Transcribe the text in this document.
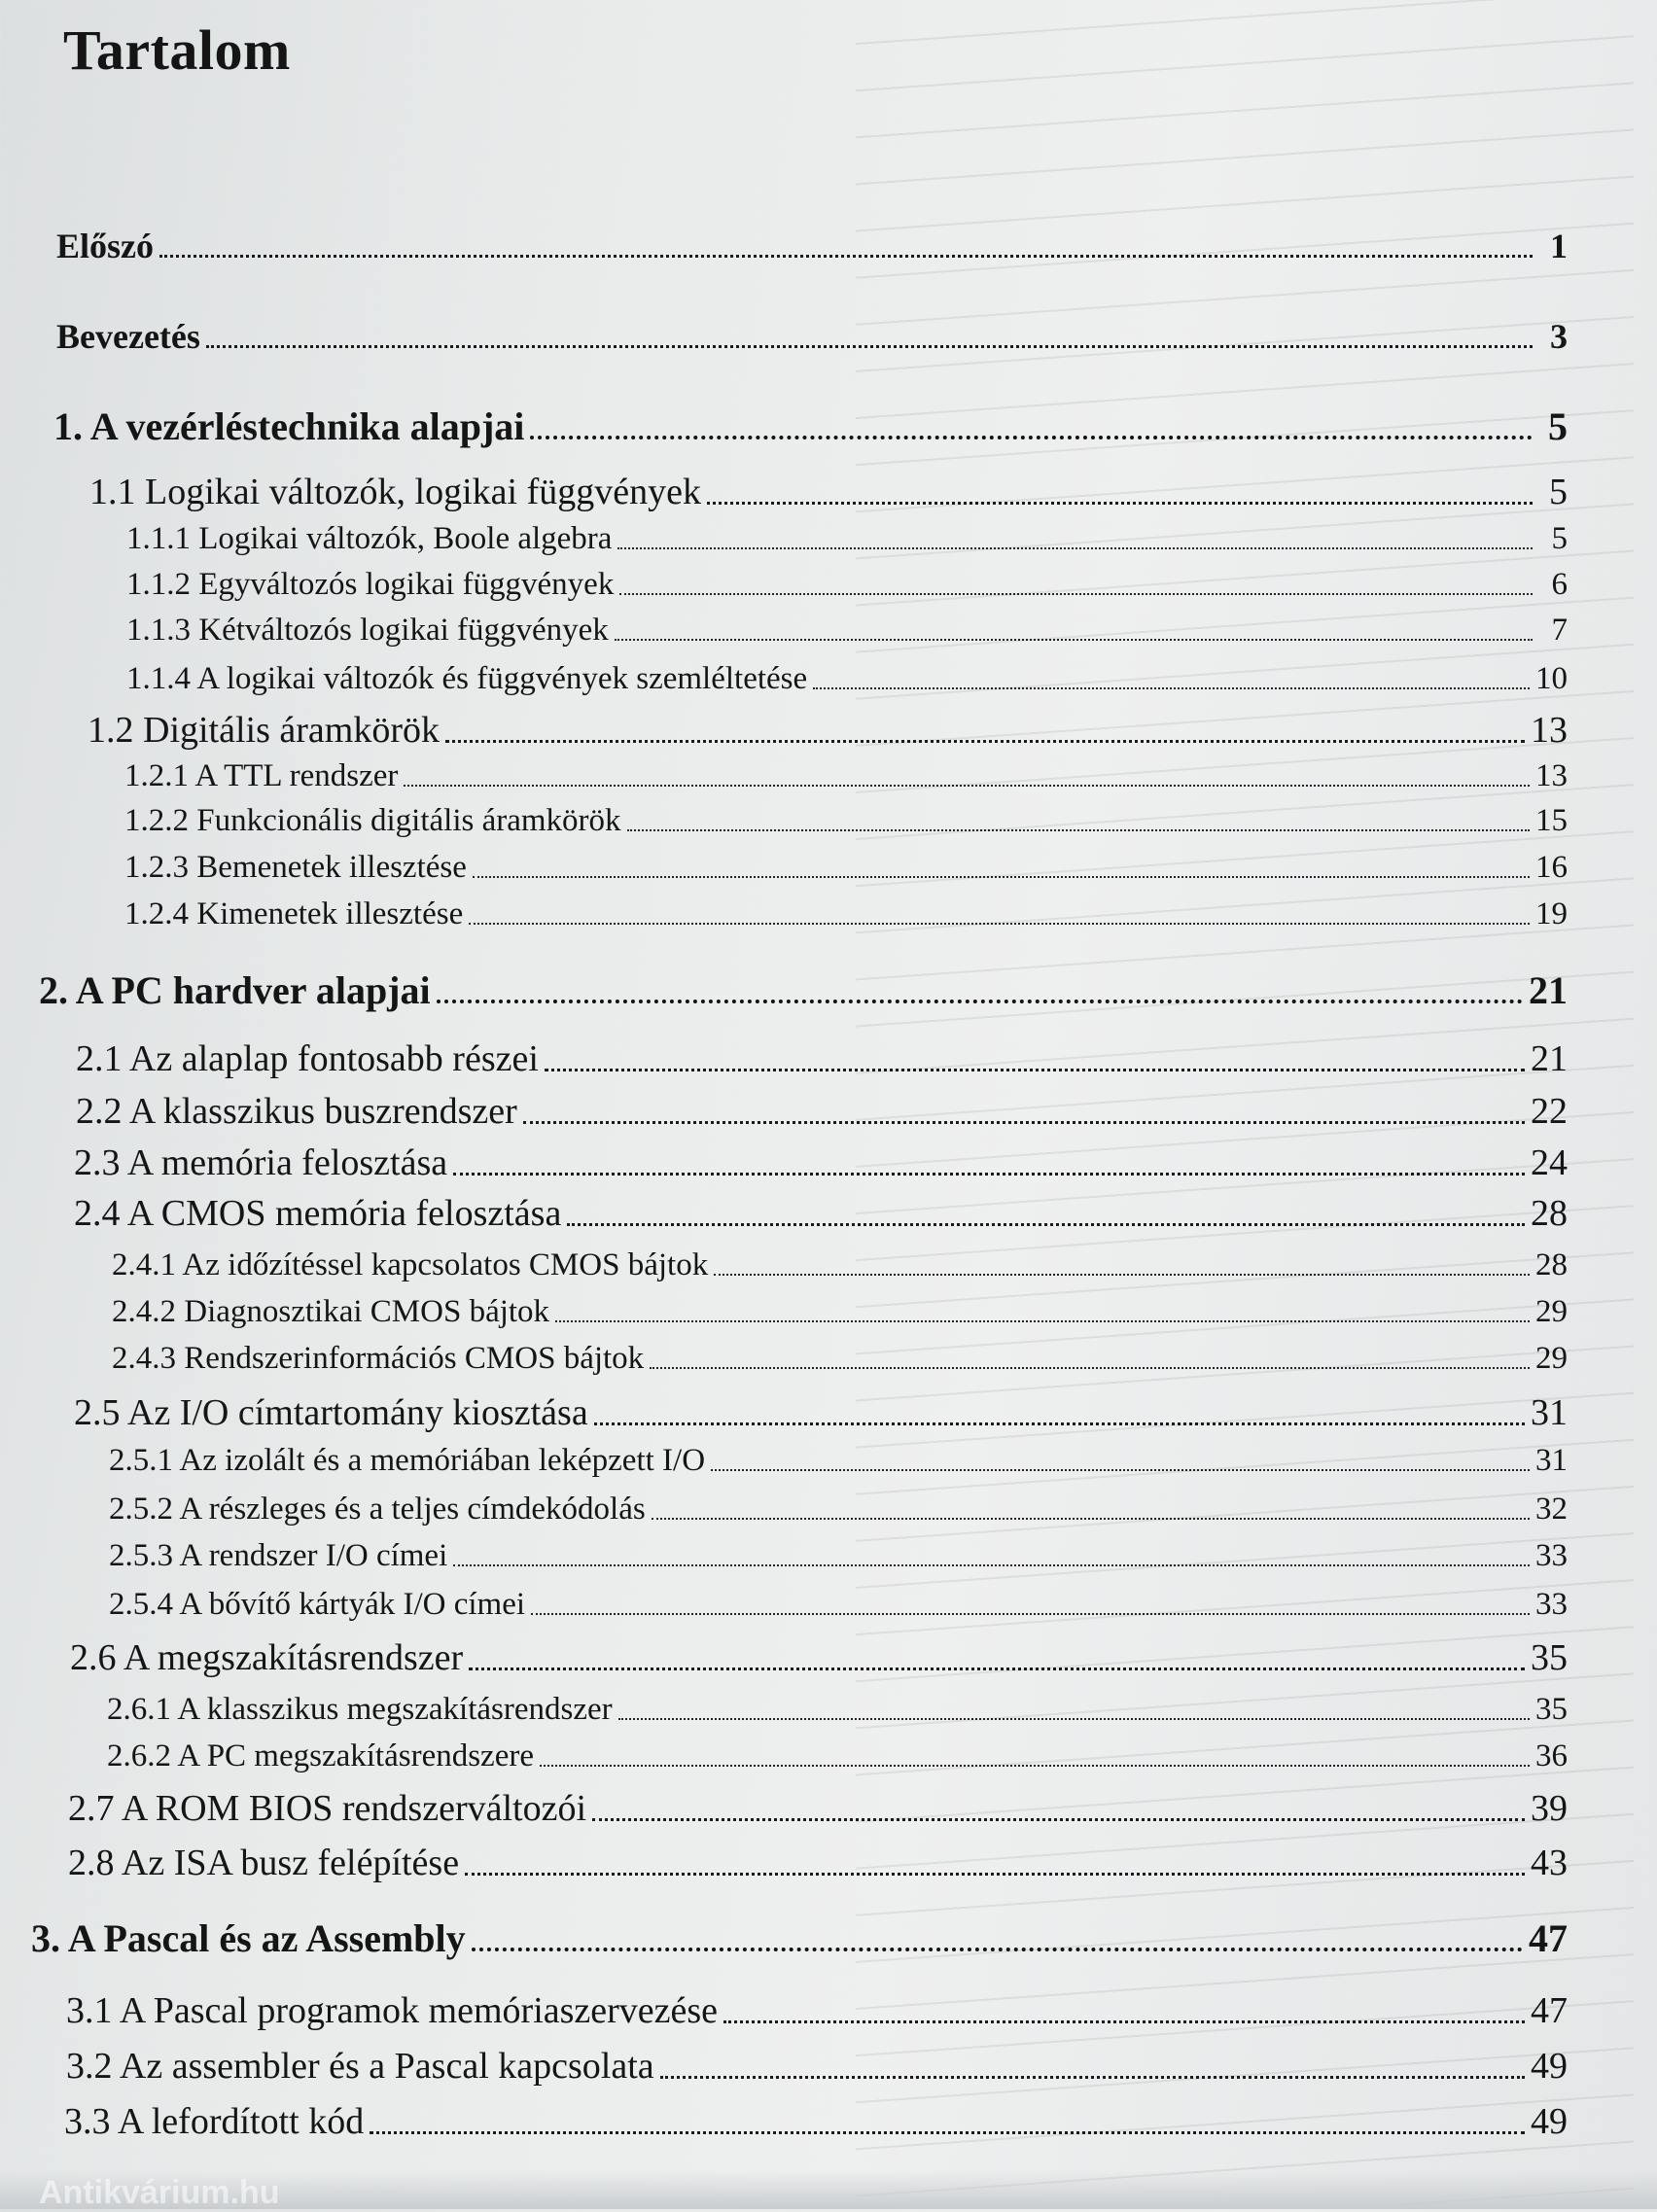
Tartalom
Előszó	1
Bevezetés	3
1. A vezérléstechnika alapjai	5
1.1 Logikai változók, logikai függvények	5
1.1.1 Logikai változók, Boole algebra	5
1.1.2 Egyváltozós logikai függvények	6
1.1.3 Kétváltozós logikai függvények	7
1.1.4 A logikai változók és függvények szemléltetése	10
1.2 Digitális áramkörök	13
1.2.1 A TTL rendszer	13
1.2.2 Funkcionális digitális áramkörök	15
1.2.3 Bemenetek illesztése	16
1.2.4 Kimenetek illesztése	19
2. A PC hardver alapjai	21
2.1 Az alaplap fontosabb részei	21
2.2 A klasszikus buszrendszer	22
2.3 A memória felosztása	24
2.4 A CMOS memória felosztása	28
2.4.1 Az időzítéssel kapcsolatos CMOS bájtok	28
2.4.2 Diagnosztikai CMOS bájtok	29
2.4.3 Rendszerinformációs CMOS bájtok	29
2.5 Az I/O címtartomány kiosztása	31
2.5.1 Az izolált és a memóriában leképzett I/O	31
2.5.2 A részleges és a teljes címdekódolás	32
2.5.3 A rendszer I/O címei	33
2.5.4 A bővítő kártyák I/O címei	33
2.6 A megszakításrendszer	35
2.6.1 A klasszikus megszakításrendszer	35
2.6.2 A PC megszakításrendszere	36
2.7 A ROM BIOS rendszerváltozói	39
2.8 Az ISA busz felépítése	43
3. A Pascal és az Assembly	47
3.1 A Pascal programok memóriaszervezése	47
3.2 Az assembler és a Pascal kapcsolata	49
3.3 A lefordított kód	49
Antikvárium.hu
